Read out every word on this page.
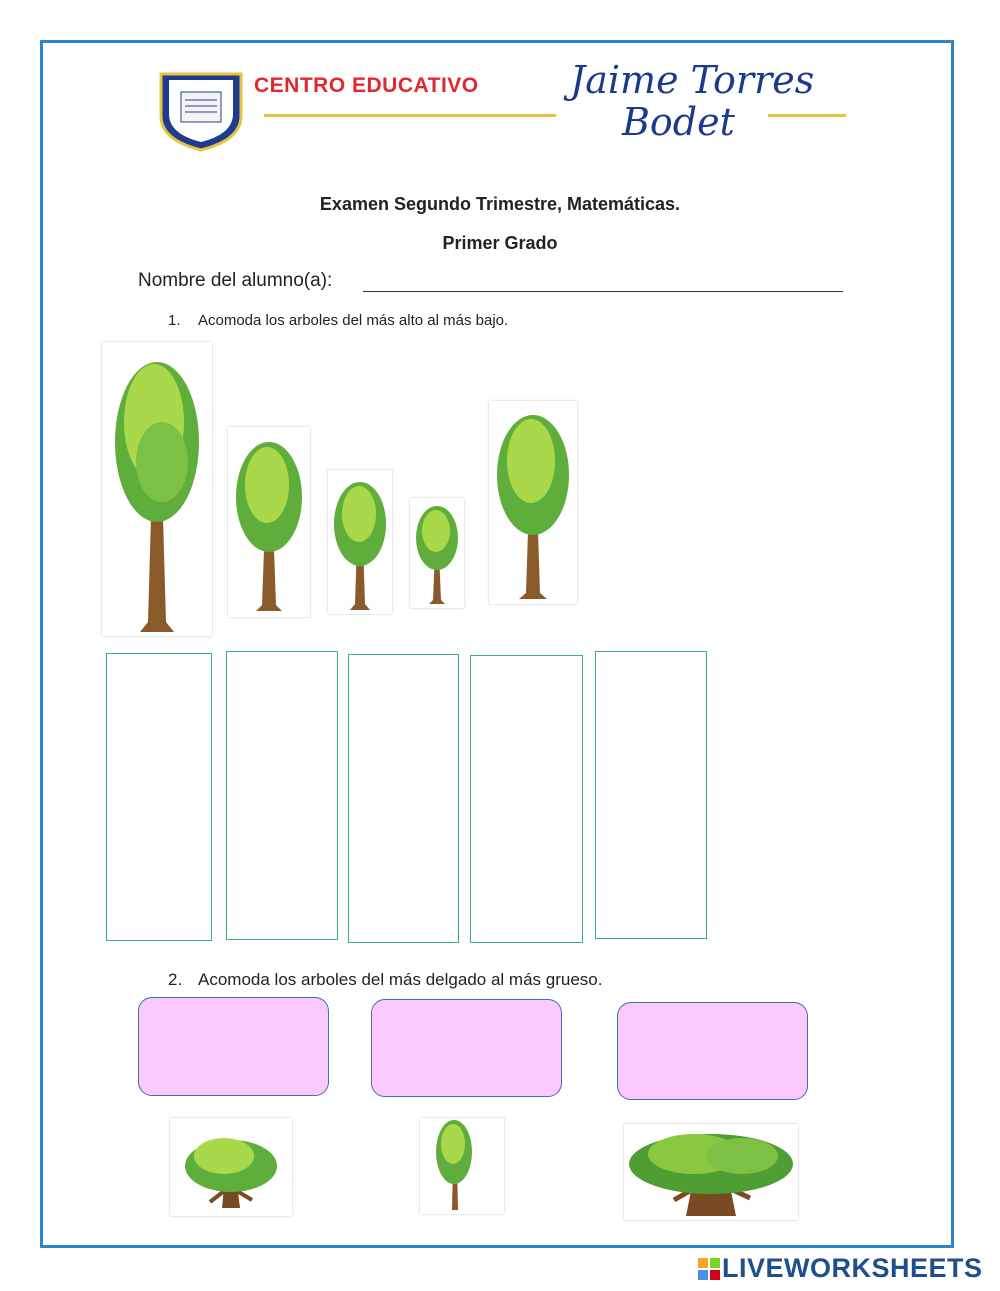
CENTRO EDUCATIVO Jaime Torres
Bodet
Examen Segundo Trimestre, Matemáticas.
Primer Grado
Nombre del alumno(a):
1. Acomoda los arboles del más alto al más bajo.
2. Acomoda los arboles del más delgado al más grueso.
LIVEWORKSHEETS
